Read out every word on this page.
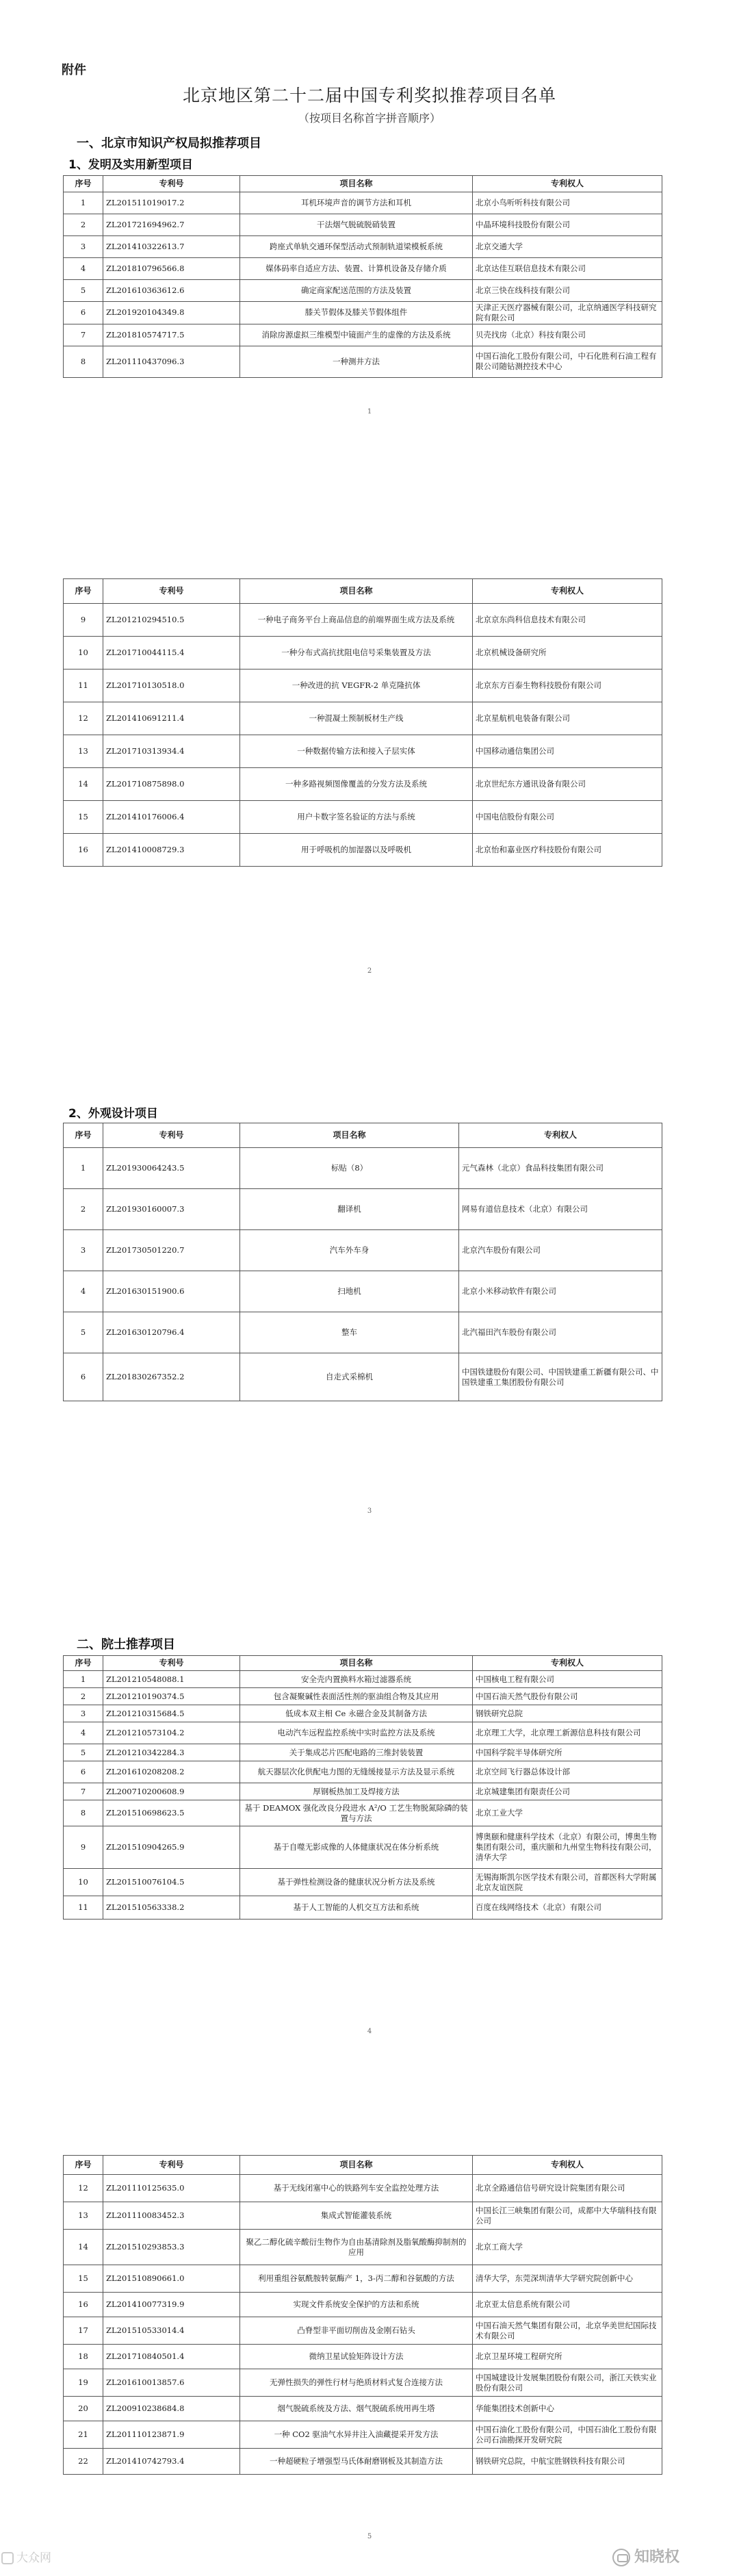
附件
北京地区第二十二届中国专利奖拟推荐项目名单
（按项目名称首字拼音顺序）
一、北京市知识产权局拟推荐项目
1、发明及实用新型项目
序号	专利号	项目名称	专利权人
1	ZL201511019017.2	耳机环境声音的调节方法和耳机	北京小鸟听听科技有限公司
2	ZL201721694962.7	干法烟气脱硫脱硝装置	中晶环境科技股份有限公司
3	ZL201410322613.7	跨座式单轨交通环保型活动式预制轨道梁模板系统	北京交通大学
4	ZL201810796566.8	媒体码率自适应方法、装置、计算机设备及存储介质	北京达佳互联信息技术有限公司
5	ZL201610363612.6	确定商家配送范围的方法及装置	北京三快在线科技有限公司
6	ZL201920104349.8	膝关节假体及膝关节假体组件	天津正天医疗器械有限公司，北京纳通医学科技研究院有限公司
7	ZL201810574717.5	消除房源虚拟三维模型中镜面产生的虚像的方法及系统	贝壳找房（北京）科技有限公司
8	ZL201110437096.3	一种测井方法	中国石油化工股份有限公司，中石化胜利石油工程有限公司随钻测控技术中心
1
序号	专利号	项目名称	专利权人
9	ZL201210294510.5	一种电子商务平台上商品信息的前端界面生成方法及系统	北京京东尚科信息技术有限公司
10	ZL201710044115.4	一种分布式高抗扰阻电信号采集装置及方法	北京机械设备研究所
11	ZL201710130518.0	一种改进的抗 VEGFR-2 单克隆抗体	北京东方百泰生物科技股份有限公司
12	ZL201410691211.4	一种混凝土预制板材生产线	北京星航机电装备有限公司
13	ZL201710313934.4	一种数据传输方法和接入子层实体	中国移动通信集团公司
14	ZL201710875898.0	一种多路视频图像覆盖的分发方法及系统	北京世纪东方通讯设备有限公司
15	ZL201410176006.4	用户卡数字签名验证的方法与系统	中国电信股份有限公司
16	ZL201410008729.3	用于呼吸机的加湿器以及呼吸机	北京怡和嘉业医疗科技股份有限公司
2
2、外观设计项目
序号	专利号	项目名称	专利权人
1	ZL201930064243.5	标贴（8）	元气森林（北京）食品科技集团有限公司
2	ZL201930160007.3	翻译机	网易有道信息技术（北京）有限公司
3	ZL201730501220.7	汽车外车身	北京汽车股份有限公司
4	ZL201630151900.6	扫地机	北京小米移动软件有限公司
5	ZL201630120796.4	整车	北汽福田汽车股份有限公司
6	ZL201830267352.2	自走式采棉机	中国铁建股份有限公司、中国铁建重工新疆有限公司、中国铁建重工集团股份有限公司
3
二、院士推荐项目
序号	专利号	项目名称	专利权人
1	ZL201210548088.1	安全壳内置换料水箱过滤器系统	中国核电工程有限公司
2	ZL201210190374.5	包含凝聚碱性表面活性剂的驱油组合物及其应用	中国石油天然气股份有限公司
3	ZL201210315684.5	低成本双主相 Ce 永磁合金及其制备方法	钢铁研究总院
4	ZL201210573104.2	电动汽车远程监控系统中实时监控方法及系统	北京理工大学，北京理工新源信息科技有限公司
5	ZL201210342284.3	关于集成芯片匹配电路的三维封装装置	中国科学院半导体研究所
6	ZL201610208208.2	航天器层次化供配电力图的无缝缓接显示方法及显示系统	北京空间飞行器总体设计部
7	ZL200710200608.9	厚钢板热加工及焊接方法	北京城建集团有限责任公司
8	ZL201510698623.5	基于 DEAMOX 强化改良分段进水 A²/O 工艺生物脱氮除磷的装置与方法	北京工业大学
9	ZL201510904265.9	基于自噬无影成像的人体健康状况在体分析系统	博奥颐和健康科学技术（北京）有限公司，博奥生物集团有限公司，重庆颐和九州堂生物科技有限公司，清华大学
10	ZL201510076104.5	基于弹性检测设备的健康状况分析方法及系统	无锡海斯凯尔医学技术有限公司，首都医科大学附属北京友谊医院
11	ZL201510563338.2	基于人工智能的人机交互方法和系统	百度在线网络技术（北京）有限公司
4
序号	专利号	项目名称	专利权人
12	ZL201110125635.0	基于无线闭塞中心的铁路列车安全监控处理方法	北京全路通信信号研究设计院集团有限公司
13	ZL201110083452.3	集成式智能灌装系统	中国长江三峡集团有限公司，成都中大华瑞科技有限公司
14	ZL201510293853.3	聚乙二醇化硫辛酸衍生物作为自由基清除剂及脂氧酸酶抑制剂的应用	北京工商大学
15	ZL201510890661.0	利用重组谷氨酰胺转氨酶产 1，3-丙二醇和谷氨酸的方法	清华大学，东莞深圳清华大学研究院创新中心
16	ZL201410077319.9	实现文件系统安全保护的方法和系统	北京亚太信息系统有限公司
17	ZL201510533014.4	凸脊型非平面切削齿及金刚石钻头	中国石油天然气集团有限公司，北京华美世纪国际技术有限公司
18	ZL201710840501.4	微纳卫星试验矩阵设计方法	北京卫星环境工程研究所
19	ZL201610013857.6	无弹性损失的弹性行材与绝质材料式复合连接方法	中国城建设计发展集团股份有限公司，浙江天铁实业股份有限公司
20	ZL200910238684.8	烟气脱硫系统及方法、烟气脱硫系统用再生塔	华能集团技术创新中心
21	ZL201110123871.9	一种 CO2 驱油气水异井注入油藏提采开发方法	中国石油化工股份有限公司，中国石油化工股份有限公司石油勘探开发研究院
22	ZL201410742793.4	一种超硬粒子增强型马氏体耐磨钢板及其制造方法	钢铁研究总院，中航宝胜钢铁科技有限公司
5
大众网	知晓权
